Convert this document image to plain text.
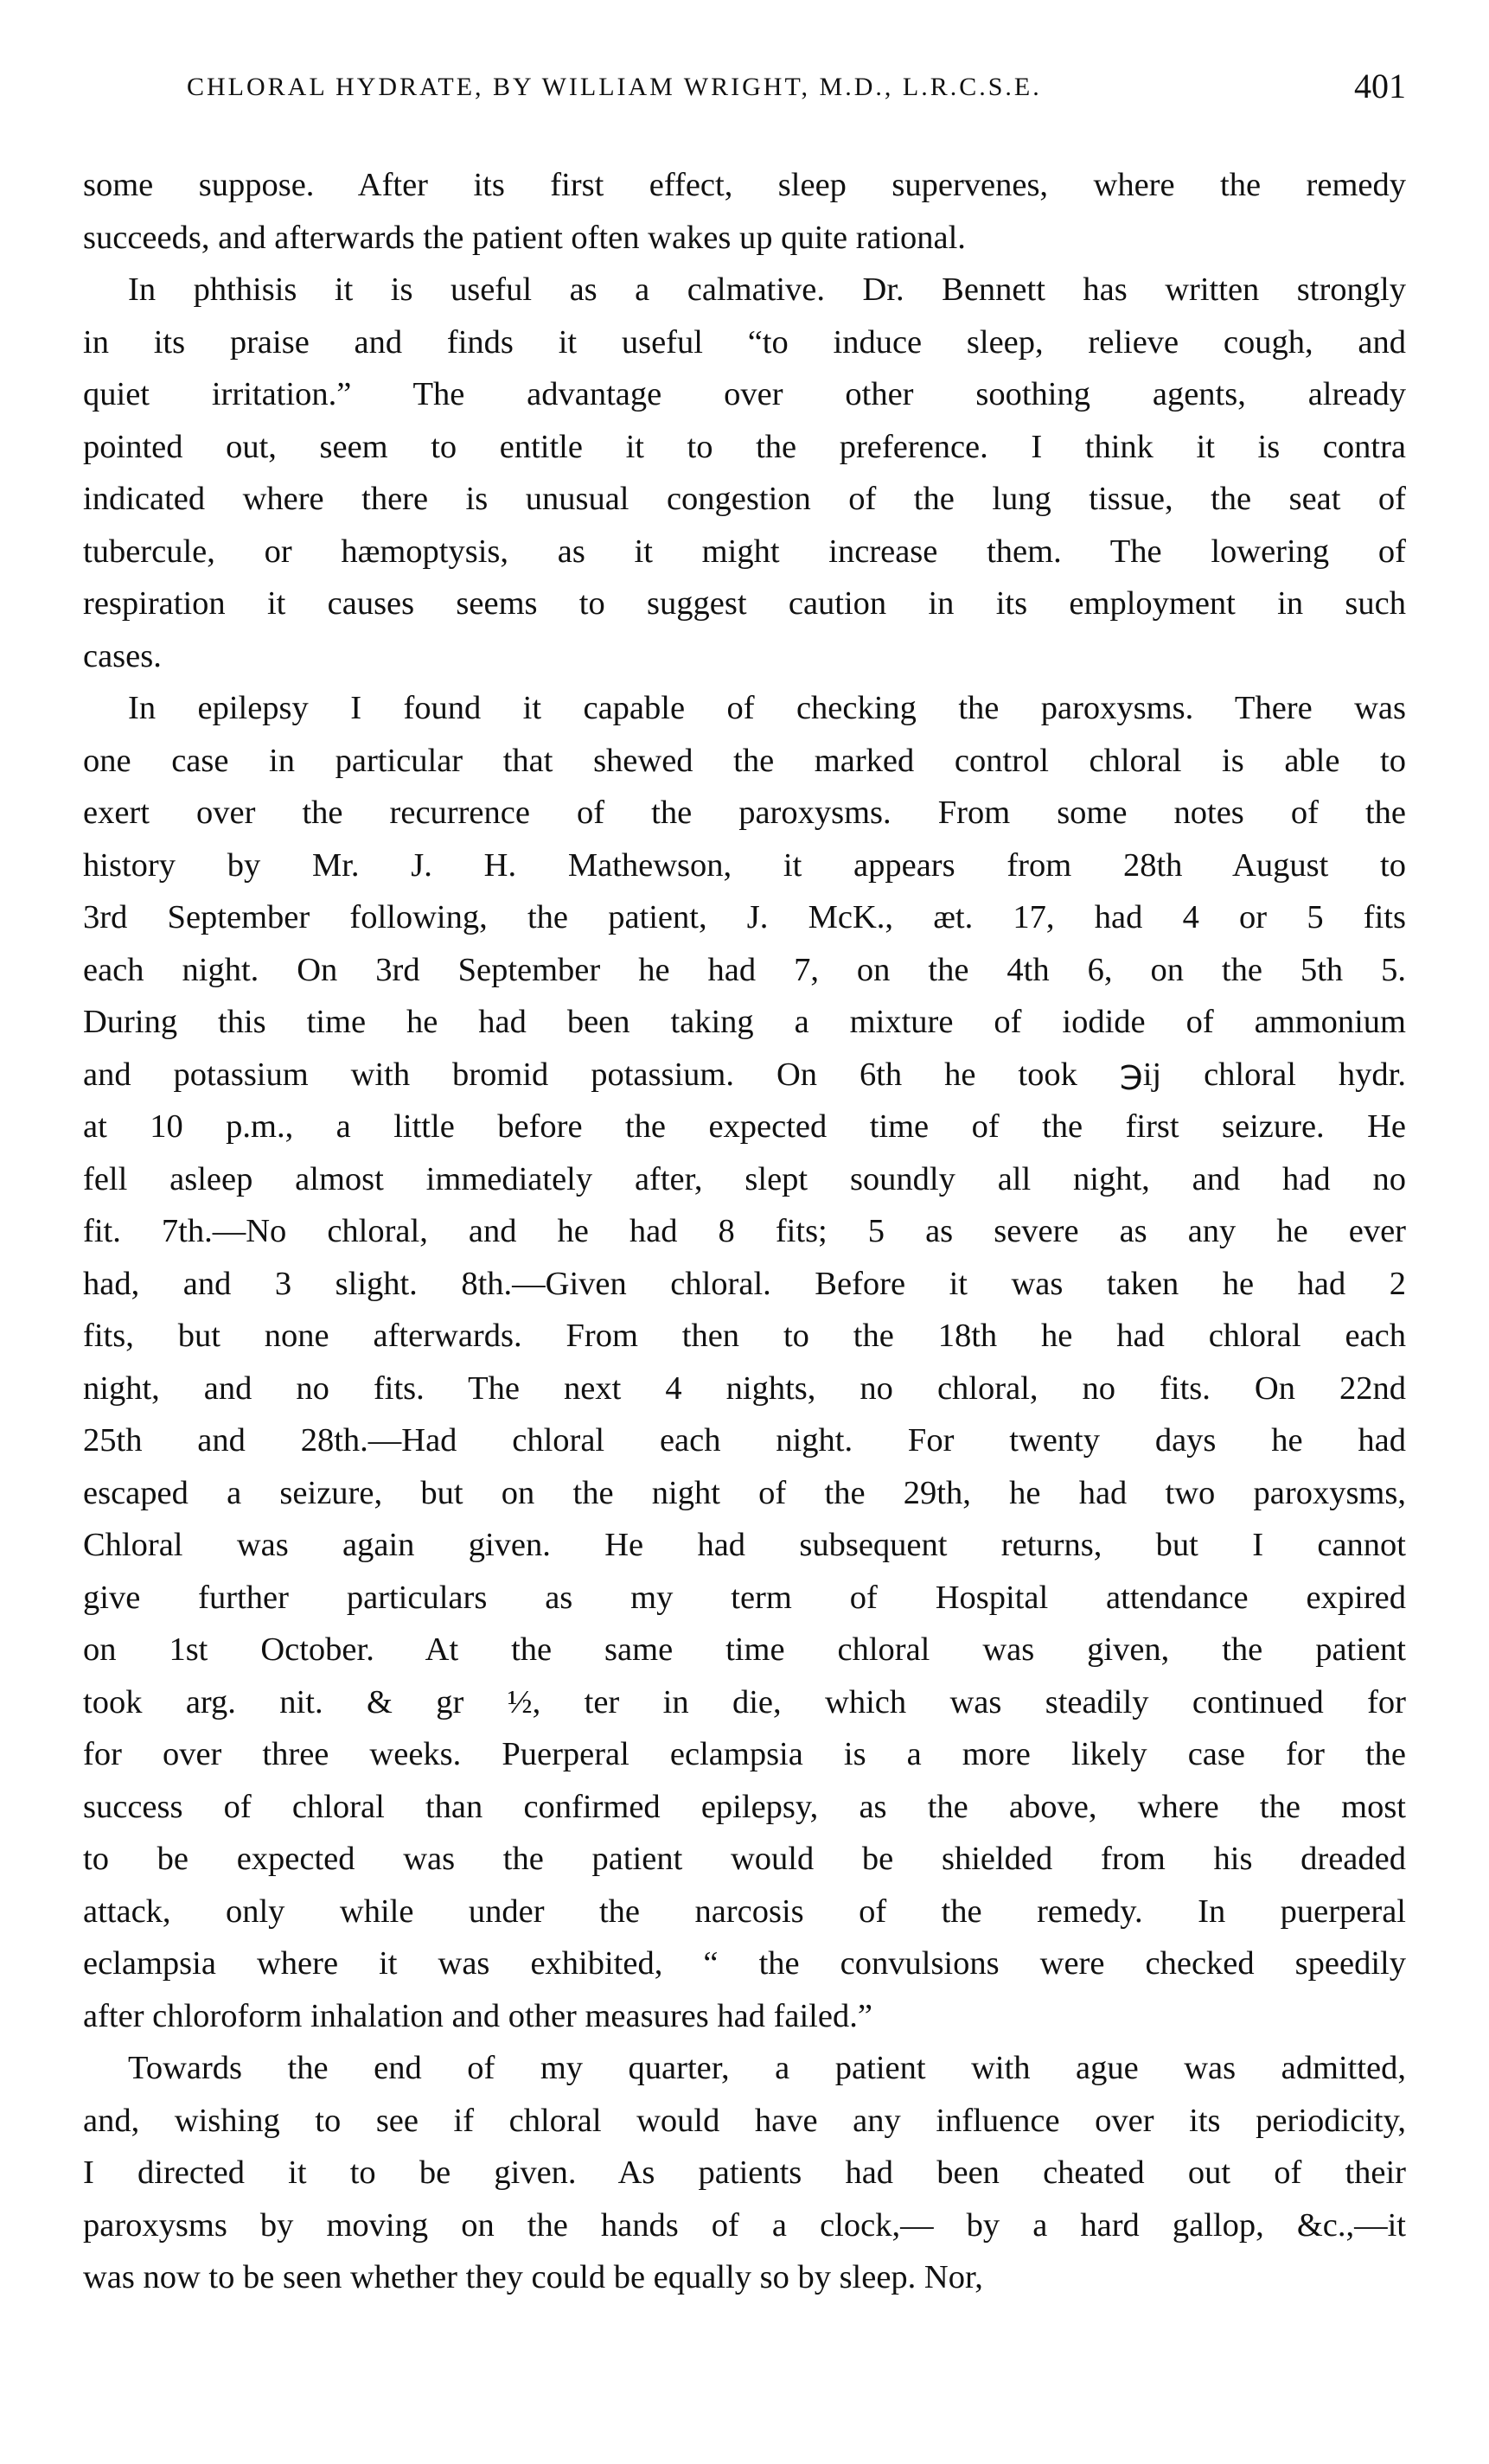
CHLORAL HYDRATE, BY WILLIAM WRIGHT, M.D., L.R.C.S.E.	401

some suppose. After its first effect, sleep supervenes, where the remedy
succeeds, and afterwards the patient often wakes up quite rational.

In phthisis it is useful as a calmative. Dr. Bennett has written strongly
in its praise and finds it useful “to induce sleep, relieve cough, and
quiet irritation.” The advantage over other soothing agents, already
pointed out, seem to entitle it to the preference. I think it is contra
indicated where there is unusual congestion of the lung tissue, the seat of
tubercule, or hæmoptysis, as it might increase them. The lowering of
respiration it causes seems to suggest caution in its employment in such
cases.

In epilepsy I found it capable of checking the paroxysms. There was
one case in particular that shewed the marked control chloral is able to
exert over the recurrence of the paroxysms. From some notes of the
history by Mr. J. H. Mathewson, it appears from 28th August to
3rd September following, the patient, J. McK., æt. 17, had 4 or 5 fits
each night. On 3rd September he had 7, on the 4th 6, on the 5th 5.
During this time he had been taking a mixture of iodide of ammonium
and potassium with bromid potassium. On 6th he took ℈ij chloral hydr.
at 10 p.m., a little before the expected time of the first seizure. He
fell asleep almost immediately after, slept soundly all night, and had no
fit. 7th.—No chloral, and he had 8 fits; 5 as severe as any he ever
had, and 3 slight. 8th.—Given chloral. Before it was taken he had 2
fits, but none afterwards. From then to the 18th he had chloral each
night, and no fits. The next 4 nights, no chloral, no fits. On 22nd
25th and 28th.—Had chloral each night. For twenty days he had
escaped a seizure, but on the night of the 29th, he had two paroxysms,
Chloral was again given. He had subsequent returns, but I cannot
give further particulars as my term of Hospital attendance expired
on 1st October. At the same time chloral was given, the patient
took arg. nit. & gr ½, ter in die, which was steadily continued for
for over three weeks. Puerperal eclampsia is a more likely case for the
success of chloral than confirmed epilepsy, as the above, where the most
to be expected was the patient would be shielded from his dreaded
attack, only while under the narcosis of the remedy. In puerperal
eclampsia where it was exhibited, “ the convulsions were checked speedily
after chloroform inhalation and other measures had failed.”

Towards the end of my quarter, a patient with ague was admitted,
and, wishing to see if chloral would have any influence over its periodicity,
I directed it to be given. As patients had been cheated out of their
paroxysms by moving on the hands of a clock,— by a hard gallop, &c.,—it
was now to be seen whether they could be equally so by sleep. Nor,
